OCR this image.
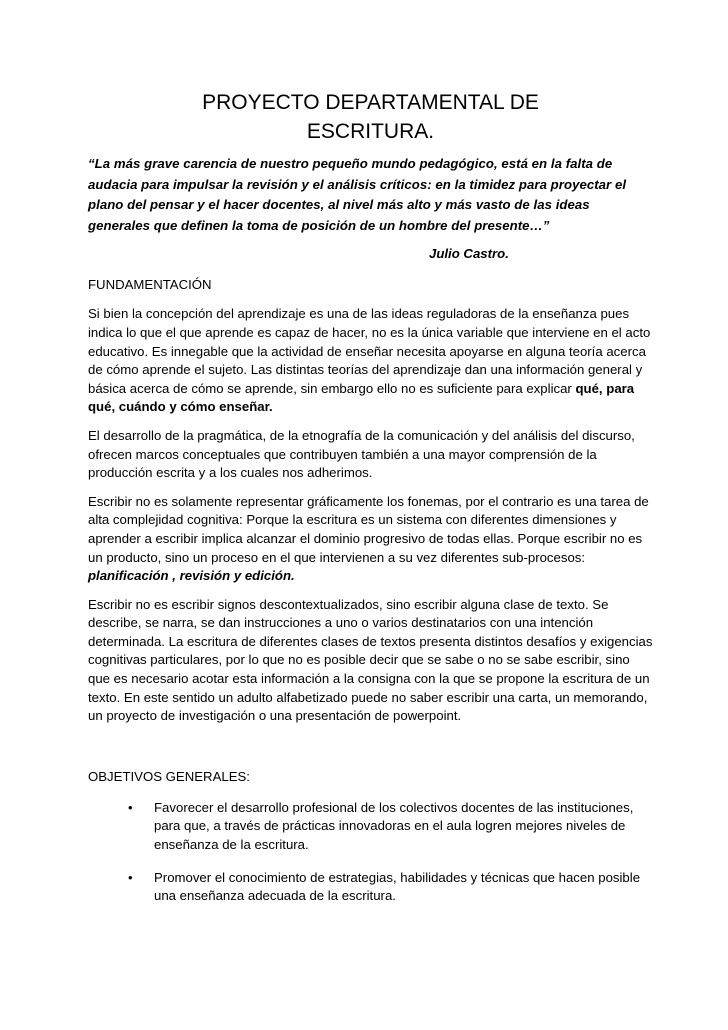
PROYECTO DEPARTAMENTAL DE
ESCRITURA.

“La más grave carencia de nuestro pequeño mundo pedagógico, está en la falta de audacia para impulsar la revisión y el análisis críticos: en la timidez para proyectar el plano del pensar y el hacer docentes, al nivel más alto y más vasto de las ideas generales que definen la toma de posición de un hombre del presente…”

Julio Castro.

FUNDAMENTACIÓN

Si bien la concepción del aprendizaje es una de las ideas reguladoras de la enseñanza pues indica lo que el que aprende es capaz de hacer, no es la única variable que interviene en el acto educativo. Es innegable que la actividad de enseñar necesita apoyarse en alguna teoría acerca de cómo aprende el sujeto. Las distintas teorías del aprendizaje dan una información general y básica acerca de cómo se aprende, sin embargo ello no es suficiente para explicar qué, para qué, cuándo y cómo enseñar.

El desarrollo de la pragmática, de la etnografía de la comunicación y del análisis del discurso, ofrecen marcos conceptuales que contribuyen también a una mayor comprensión de la producción escrita y a los cuales nos adherimos.

Escribir no es solamente representar gráficamente los fonemas, por el contrario es una tarea de alta complejidad cognitiva: Porque la escritura es un sistema con diferentes dimensiones y aprender a escribir implica alcanzar el dominio progresivo de todas ellas. Porque escribir no es un producto, sino un proceso en el que intervienen a su vez diferentes sub-procesos: planificación , revisión y edición.

Escribir no es escribir signos descontextualizados, sino escribir alguna clase de texto. Se describe, se narra, se dan instrucciones a uno o varios destinatarios con una intención determinada. La escritura de diferentes clases de textos presenta distintos desafíos y exigencias cognitivas particulares, por lo que no es posible decir que se sabe o no se sabe escribir, sino que es necesario acotar esta información a la consigna con la que se propone la escritura de un texto. En este sentido un adulto alfabetizado puede no saber escribir una carta, un memorando, un proyecto de investigación o una presentación de powerpoint.

OBJETIVOS GENERALES:

• Favorecer el desarrollo profesional de los colectivos docentes de las instituciones, para que, a través de prácticas innovadoras en el aula logren mejores niveles de enseñanza de la escritura.
• Promover el conocimiento de estrategias, habilidades y técnicas que hacen posible una enseñanza adecuada de la escritura.
